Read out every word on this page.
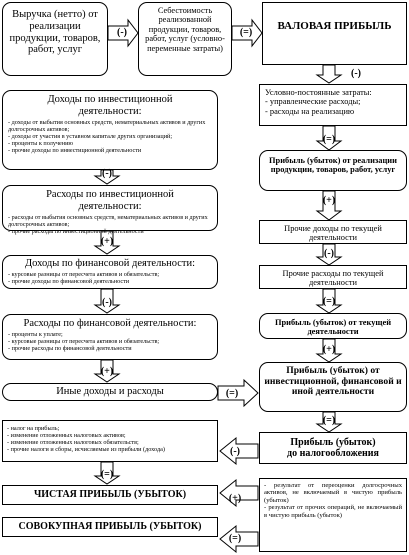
Выручка (нетто) от реализации продукции, товаров, работ, услуг
(-)
Себестоимость реализованной продукции, товаров, работ, услуг (условно-переменные затраты)
(=)
ВАЛОВАЯ ПРИБЫЛЬ
(-)
Условно-постоянные затраты:
- управленческие расходы;
- расходы на реализацию
(=)
Прибыль (убыток) от реализации продукции, товаров, работ, услуг
(+)
Прочие доходы по текущей деятельности
(-)
Прочие расходы по текущей деятельности
(=)
Прибыль (убыток) от текущей деятельности
(+)
Прибыль (убыток) от инвестиционной, финансовой и иной деятельности
(=)
Прибыль (убыток)
до налогообложения
- результат от переоценки долгосрочных активов, не включаемый в чистую прибыль (убыток)
- результат от прочих операций, не включаемый в чистую прибыль (убыток)
Доходы по инвестиционной деятельности:
- доходы от выбытия основных средств, нематериальных активов и других долгосрочных активов;
- доходы от участия в уставном капитале других организаций;
- проценты к получению
- прочие доходы по инвестиционной деятельности
(-)
Расходы по инвестиционной деятельности:
- расходы от выбытия основных средств, нематериальных активов и других долгосрочных активов;
- прочие расходы по инвестиционной деятельности
(+)
Доходы по финансовой деятельности:
- курсовые разницы от пересчета активов и обязательств;
- прочие доходы по финансовой деятельности
(-)
Расходы по финансовой деятельности:
- проценты к уплате;
- курсовые разницы от пересчета активов и обязательств;
- прочие расходы по финансовой деятельности
(+)
Иные доходы и расходы	(=)
- налог на прибыль;
- изменение отложенных налоговых активов;
- изменение отложенных налоговых обязательств;
- прочие налоги и сборы, исчисляемые из прибыли (дохода)	(-)
(=)
ЧИСТАЯ ПРИБЫЛЬ (УБЫТОК)	(+)
СОВОКУПНАЯ ПРИБЫЛЬ (УБЫТОК)
(=)
